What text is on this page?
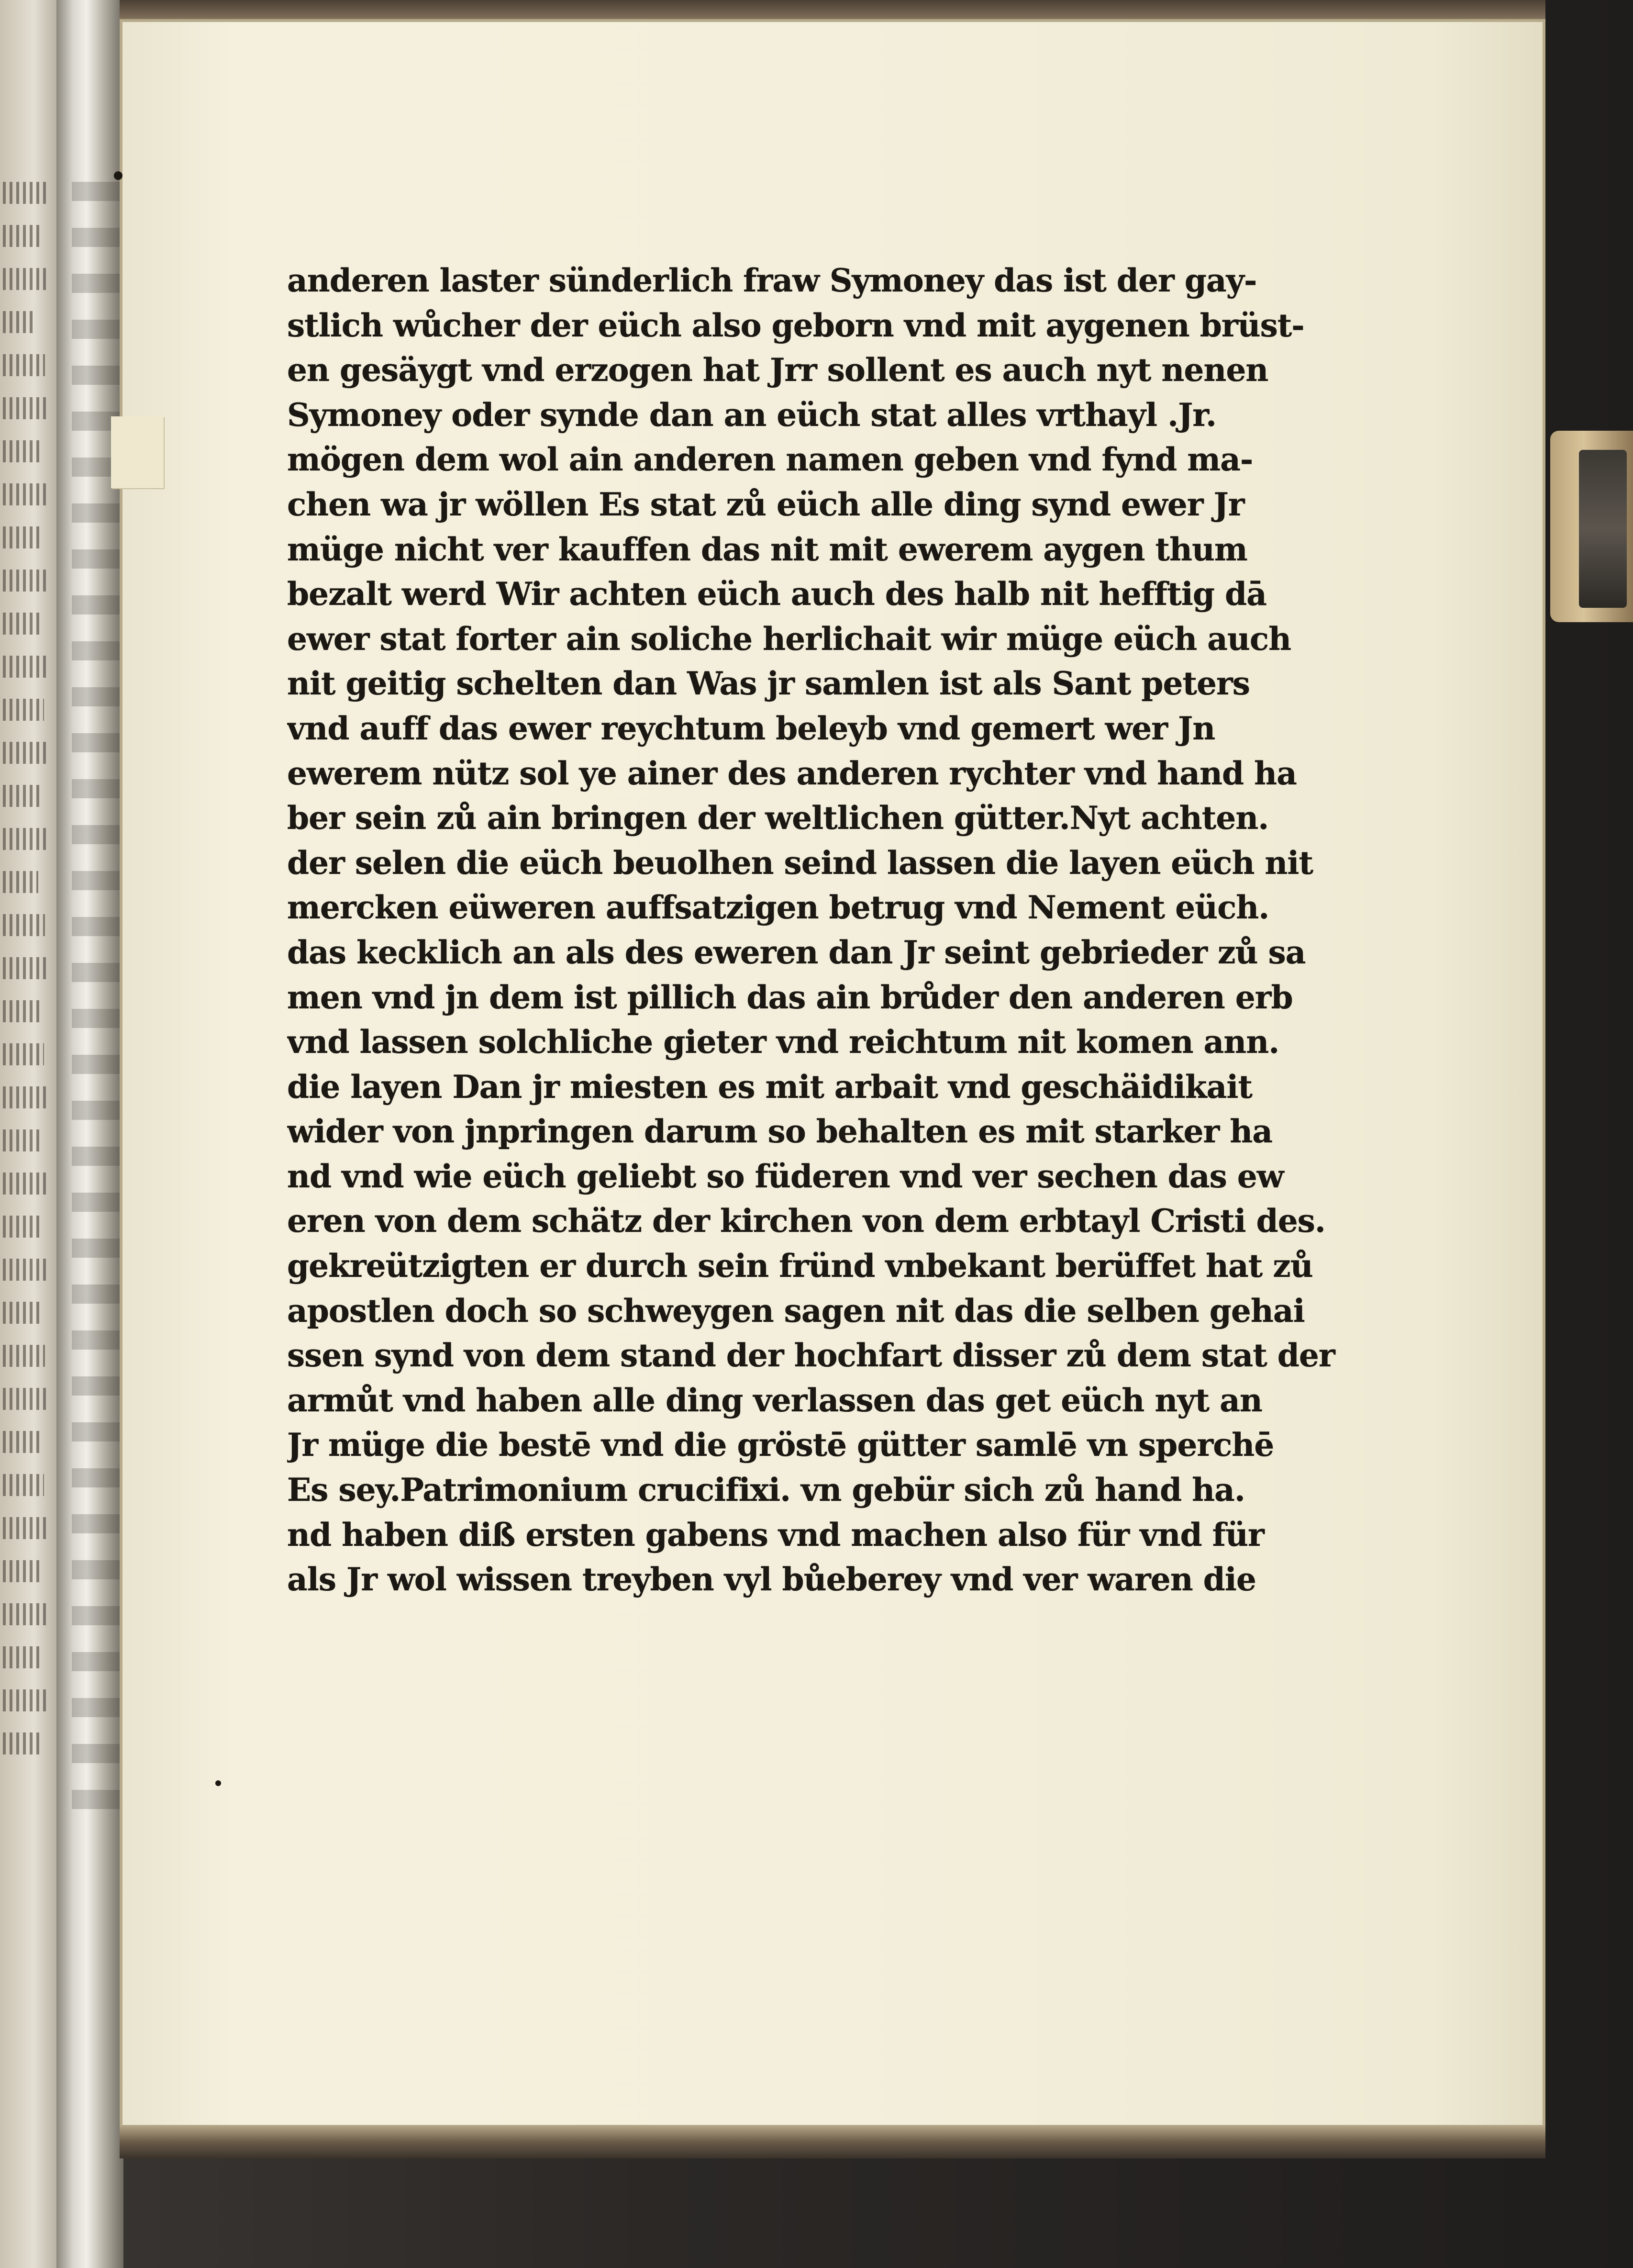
anderen laster sünderlich fraw Symoney das ist der gay-
stlich wůcher der eüch also geborn vnd mit aygenen brüst-
en gesäygt vnd erzogen hat Jrr sollent es auch nyt nenen
Symoney oder synde dan an eüch stat alles vrthayl .Jr.
mögen dem wol ain anderen namen geben vnd fynd ma-
chen wa jr wöllen Es stat zů eüch alle ding synd ewer Jr
müge nicht ver kauffen das nit mit ewerem aygen thum
bezalt werd Wir achten eüch auch des halb nit hefftig dā
ewer stat forter ain soliche herlichait wir müge eüch auch
nit geitig schelten dan Was jr samlen ist als Sant peters
vnd auff das ewer reychtum beleyb vnd gemert wer Jn
ewerem nütz sol ye ainer des anderen rychter vnd hand ha
ber sein zů ain bringen der weltlichen gütter.Nyt achten.
der selen die eüch beuolhen seind lassen die layen eüch nit
mercken eüweren auffsatzigen betrug vnd Nement eüch.
das kecklich an als des eweren dan Jr seint gebrieder zů sa
men vnd jn dem ist pillich das ain brůder den anderen erb
vnd lassen solchliche gieter vnd reichtum nit komen ann.
die layen Dan jr miesten es mit arbait vnd geschäidikait
wider von jnpringen darum so behalten es mit starker ha
nd vnd wie eüch geliebt so füderen vnd ver sechen das ew
eren von dem schätz der kirchen von dem erbtayl Cristi des.
gekreützigten er durch sein fründ vnbekant berüffet hat zů
apostlen doch so schweygen sagen nit das die selben gehai
ssen synd von dem stand der hochfart disser zů dem stat der
armůt vnd haben alle ding verlassen das get eüch nyt an
Jr müge die bestē vnd die gröstē gütter samlē vn sperchē
Es sey.Patrimonium crucifixi. vn gebür sich zů hand ha.
nd haben diß ersten gabens vnd machen also für vnd für
als Jr wol wissen treyben vyl bůeberey vnd ver waren die
